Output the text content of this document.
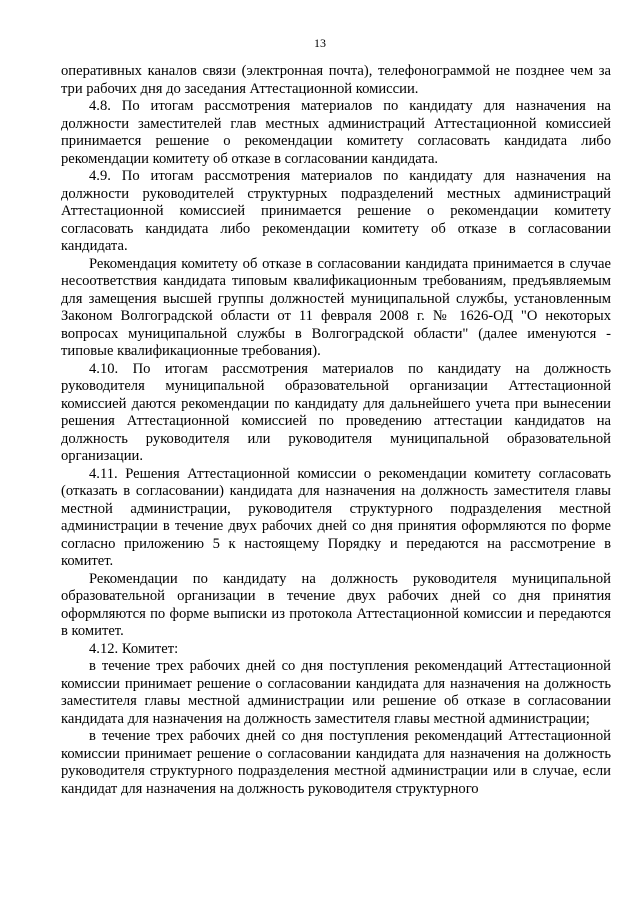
13

оперативных каналов связи (электронная почта), телефонограммой не позднее чем за три рабочих дня до заседания Аттестационной комиссии.

4.8. По итогам рассмотрения материалов по кандидату для назначения на должности заместителей глав местных администраций Аттестационной комиссией принимается решение о рекомендации комитету согласовать кандидата либо рекомендации комитету об отказе в согласовании кандидата.

4.9. По итогам рассмотрения материалов по кандидату для назначения на должности руководителей структурных подразделений местных администраций Аттестационной комиссией принимается решение о рекомендации комитету согласовать кандидата либо рекомендации комитету об отказе в согласовании кандидата.

Рекомендация комитету об отказе в согласовании кандидата принимается в случае несоответствия кандидата типовым квалификационным требованиям, предъявляемым для замещения высшей группы должностей муниципальной службы, установленным Законом Волгоградской области от 11 февраля 2008 г. № 1626-ОД "О некоторых вопросах муниципальной службы в Волгоградской области" (далее именуются - типовые квалификационные требования).

4.10. По итогам рассмотрения материалов по кандидату на должность руководителя муниципальной образовательной организации Аттестационной комиссией даются рекомендации по кандидату для дальнейшего учета при вынесении решения Аттестационной комиссией по проведению аттестации кандидатов на должность руководителя или руководителя муниципальной образовательной организации.

4.11. Решения Аттестационной комиссии о рекомендации комитету согласовать (отказать в согласовании) кандидата для назначения на должность заместителя главы местной администрации, руководителя структурного подразделения местной администрации в течение двух рабочих дней со дня принятия оформляются по форме согласно приложению 5 к настоящему Порядку и передаются на рассмотрение в комитет.

Рекомендации по кандидату на должность руководителя муниципальной образовательной организации в течение двух рабочих дней со дня принятия оформляются по форме выписки из протокола Аттестационной комиссии и передаются в комитет.

4.12. Комитет:

в течение трех рабочих дней со дня поступления рекомендаций Аттестационной комиссии принимает решение о согласовании кандидата для назначения на должность заместителя главы местной администрации или решение об отказе в согласовании кандидата для назначения на должность заместителя главы местной администрации;

в течение трех рабочих дней со дня поступления рекомендаций Аттестационной комиссии принимает решение о согласовании кандидата для назначения на должность руководителя структурного подразделения местной администрации или в случае, если кандидат для назначения на должность руководителя структурного
